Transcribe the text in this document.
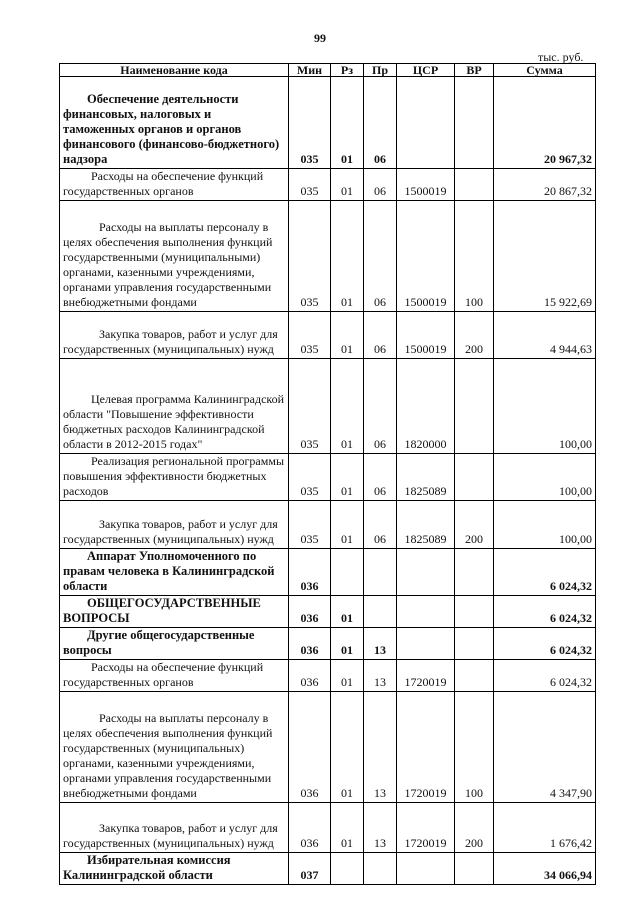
99
тыс. руб.
Наименование кода	Мин	Рз	Пр	ЦСР	ВР	Сумма
Обеспечение деятельности финансовых, налоговых и таможенных органов и органов финансового (финансово-бюджетного) надзора	035	01	06			20 967,32
Расходы на обеспечение функций государственных органов	035	01	06	1500019		20 867,32
Расходы на выплаты персоналу в целях обеспечения выполнения функций государственными (муниципальными) органами, казенными учреждениями, органами управления государственными внебюджетными фондами	035	01	06	1500019	100	15 922,69
Закупка товаров, работ и услуг для государственных (муниципальных) нужд	035	01	06	1500019	200	4 944,63
Целевая программа Калининградской области "Повышение эффективности бюджетных расходов Калининградской области в 2012-2015 годах"	035	01	06	1820000		100,00
Реализация региональной программы повышения эффективности бюджетных расходов	035	01	06	1825089		100,00
Закупка товаров, работ и услуг для государственных (муниципальных) нужд	035	01	06	1825089	200	100,00
Аппарат Уполномоченного по правам человека в Калининградской области	036					6 024,32
ОБЩЕГОСУДАРСТВЕННЫЕ ВОПРОСЫ	036	01				6 024,32
Другие общегосударственные вопросы	036	01	13			6 024,32
Расходы на обеспечение функций государственных органов	036	01	13	1720019		6 024,32
Расходы на выплаты персоналу в целях обеспечения выполнения функций государственных (муниципальных) органами, казенными учреждениями, органами управления государственными внебюджетными фондами	036	01	13	1720019	100	4 347,90
Закупка товаров, работ и услуг для государственных (муниципальных) нужд	036	01	13	1720019	200	1 676,42
Избирательная комиссия Калининградской области	037					34 066,94
